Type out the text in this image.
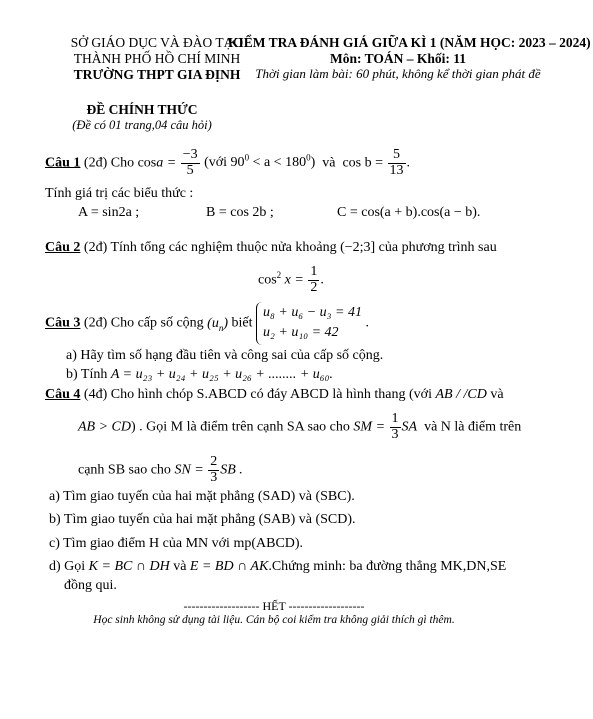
SỞ GIÁO DỤC VÀ ĐÀO TẠO
THÀNH PHỐ HỒ CHÍ MINH
TRƯỜNG THPT GIA ĐỊNH
KIỂM TRA ĐÁNH GIÁ GIỮA KÌ 1 (NĂM HỌC: 2023 – 2024)
Môn: TOÁN – Khối: 11
Thời gian làm bài: 60 phút, không kể thời gian phát đề
ĐỀ CHÍNH THỨC
(Đề có 01 trang,04 câu hỏi)
Câu 1 (2đ) Cho $\cos a = \frac{-3}{5}$ (với $90^0 < a < 180^0$) và $\cos b = \frac{5}{13}$ .
Tính giá trị các biểu thức :
A = sin2a ;	B = cos 2b ;	C = cos(a + b).cos(a − b).
Câu 2 (2đ) Tính tổng các nghiệm thuộc nửa khoảng (−2;3] của phương trình sau
$\cos^2 x = \frac{1}{2}$ .
Câu 3 (2đ) Cho cấp số cộng $(u_n)$ biết
u₈ + u₆ − u₃ = 41
u₂ + u₁₀ = 42
.
a) Hãy tìm số hạng đầu tiên và công sai của cấp số cộng.
b) Tính A = u₂₃ + u₂₄ + u₂₅ + u₂₆ + ........ + u₆₀.
Câu 4 (4đ) Cho hình chóp S.ABCD có đáy ABCD là hình thang (với AB / /CD và
AB > CD) . Gọi M là điểm trên cạnh SA sao cho SM = $\frac{1}{3}$ SA và N là điểm trên
cạnh SB sao cho SN = $\frac{2}{3}$ SB .
a) Tìm giao tuyến của hai mặt phẳng (SAD) và (SBC).
b) Tìm giao tuyến của hai mặt phẳng (SAB) và (SCD).
c) Tìm giao điểm H của MN với mp(ABCD).
d) Gọi K = BC ∩ DH và E = BD ∩ AK.Chứng minh: ba đường thẳng MK,DN,SE
đồng qui.
------------------- HẾT -------------------
Học sinh không sử dụng tài liệu. Cán bộ coi kiểm tra không giải thích gì thêm.
